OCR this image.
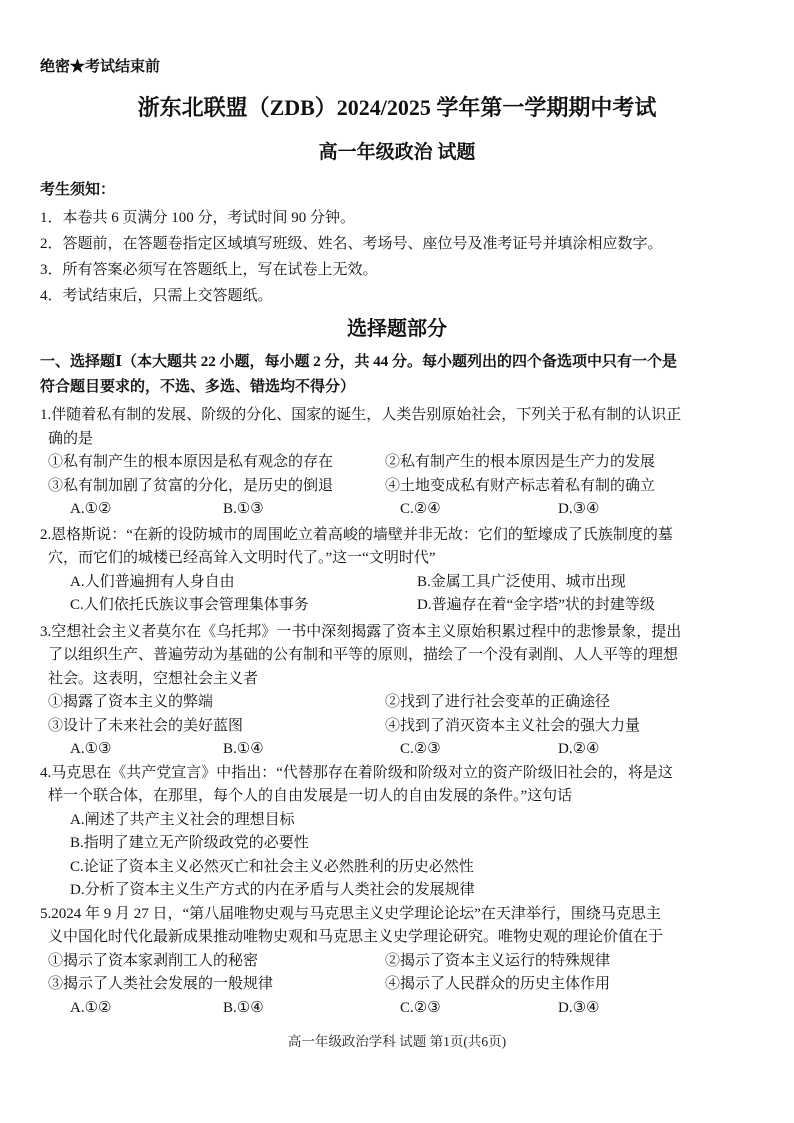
绝密★考试结束前
浙东北联盟（ZDB）2024/2025 学年第一学期期中考试
高一年级政治 试题
考生须知：
1．本卷共 6 页满分 100 分，考试时间 90 分钟。
2．答题前，在答题卷指定区域填写班级、姓名、考场号、座位号及准考证号并填涂相应数字。
3．所有答案必须写在答题纸上，写在试卷上无效。
4．考试结束后，只需上交答题纸。
选择题部分
一、选择题Ⅰ（本大题共 22 小题，每小题 2 分，共 44 分。每小题列出的四个备选项中只有一个是
符合题目要求的，不选、多选、错选均不得分）
1.伴随着私有制的发展、阶级的分化、国家的诞生，人类告别原始社会，下列关于私有制的认识正
确的是
①私有制产生的根本原因是私有观念的存在	②私有制产生的根本原因是生产力的发展
③私有制加剧了贫富的分化，是历史的倒退	④土地变成私有财产标志着私有制的确立
A.①②	B.①③	C.②④	D.③④
2.恩格斯说：“在新的设防城市的周围屹立着高峻的墙壁并非无故：它们的堑壕成了氏族制度的墓
穴，而它们的城楼已经高耸入文明时代了。”这一“文明时代”
A.人们普遍拥有人身自由	B.金属工具广泛使用、城市出现
C.人们依托氏族议事会管理集体事务	D.普遍存在着“金字塔”状的封建等级
3.空想社会主义者莫尔在《乌托邦》一书中深刻揭露了资本主义原始积累过程中的悲惨景象，提出
了以组织生产、普遍劳动为基础的公有制和平等的原则，描绘了一个没有剥削、人人平等的理想
社会。这表明，空想社会主义者
①揭露了资本主义的弊端	②找到了进行社会变革的正确途径
③设计了未来社会的美好蓝图	④找到了消灭资本主义社会的强大力量
A.①③	B.①④	C.②③	D.②④
4.马克思在《共产党宣言》中指出：“代替那存在着阶级和阶级对立的资产阶级旧社会的，将是这
样一个联合体，在那里，每个人的自由发展是一切人的自由发展的条件。”这句话
A.阐述了共产主义社会的理想目标
B.指明了建立无产阶级政党的必要性
C.论证了资本主义必然灭亡和社会主义必然胜利的历史必然性
D.分析了资本主义生产方式的内在矛盾与人类社会的发展规律
5.2024 年 9 月 27 日，“第八届唯物史观与马克思主义史学理论论坛”在天津举行，围绕马克思主
义中国化时代化最新成果推动唯物史观和马克思主义史学理论研究。唯物史观的理论价值在于
①揭示了资本家剥削工人的秘密	②揭示了资本主义运行的特殊规律
③揭示了人类社会发展的一般规律	④揭示了人民群众的历史主体作用
A.①②	B.①④	C.②③	D.③④
高一年级政治学科 试题 第1页(共6页)
